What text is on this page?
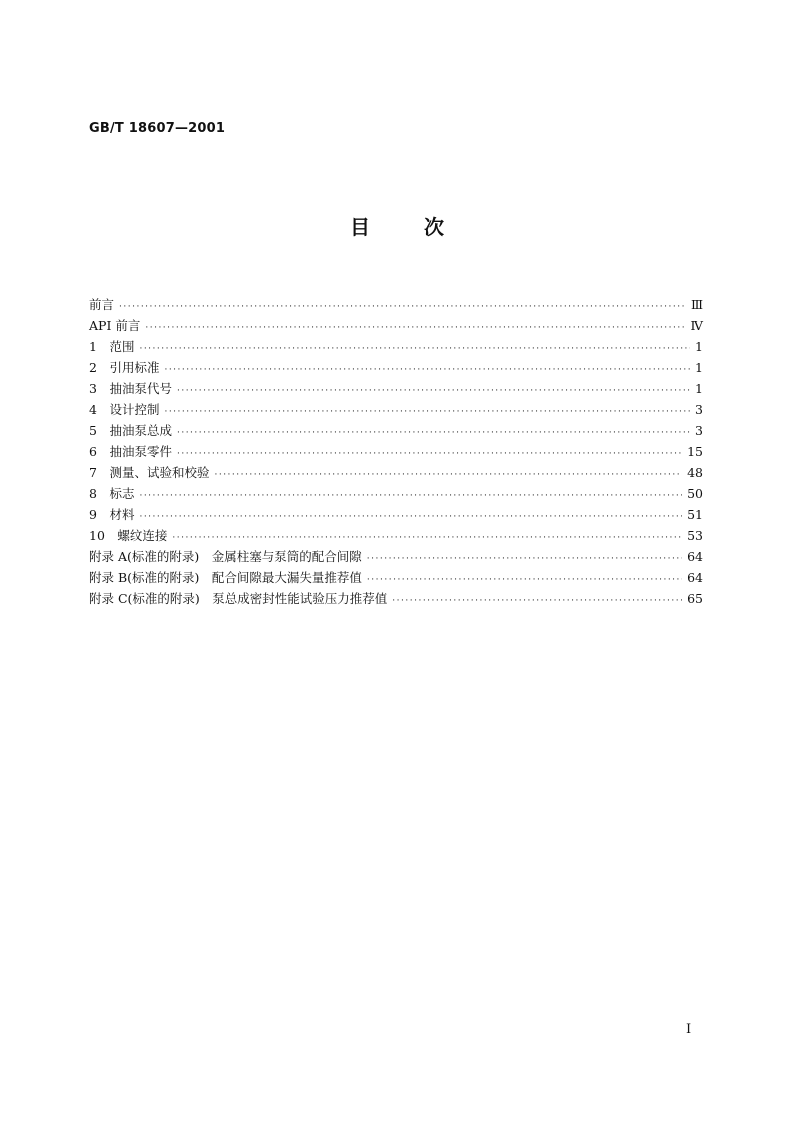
GB/T 18607—2001
目	次
前言 ·····	Ⅲ
API 前言 ·····	Ⅳ
1　范围 ·····	1
2　引用标准 ·····	1
3　抽油泵代号 ·····	1
4　设计控制 ·····	3
5　抽油泵总成 ·····	3
6　抽油泵零件 ·····	15
7　测量、试验和校验 ·····	48
8　标志 ·····	50
9　材料 ·····	51
10　螺纹连接 ·····	53
附录 A(标准的附录)　金属柱塞与泵筒的配合间隙 ·····	64
附录 B(标准的附录)　配合间隙最大漏失量推荐值 ·····	64
附录 C(标准的附录)　泵总成密封性能试验压力推荐值 ·····	65
I
